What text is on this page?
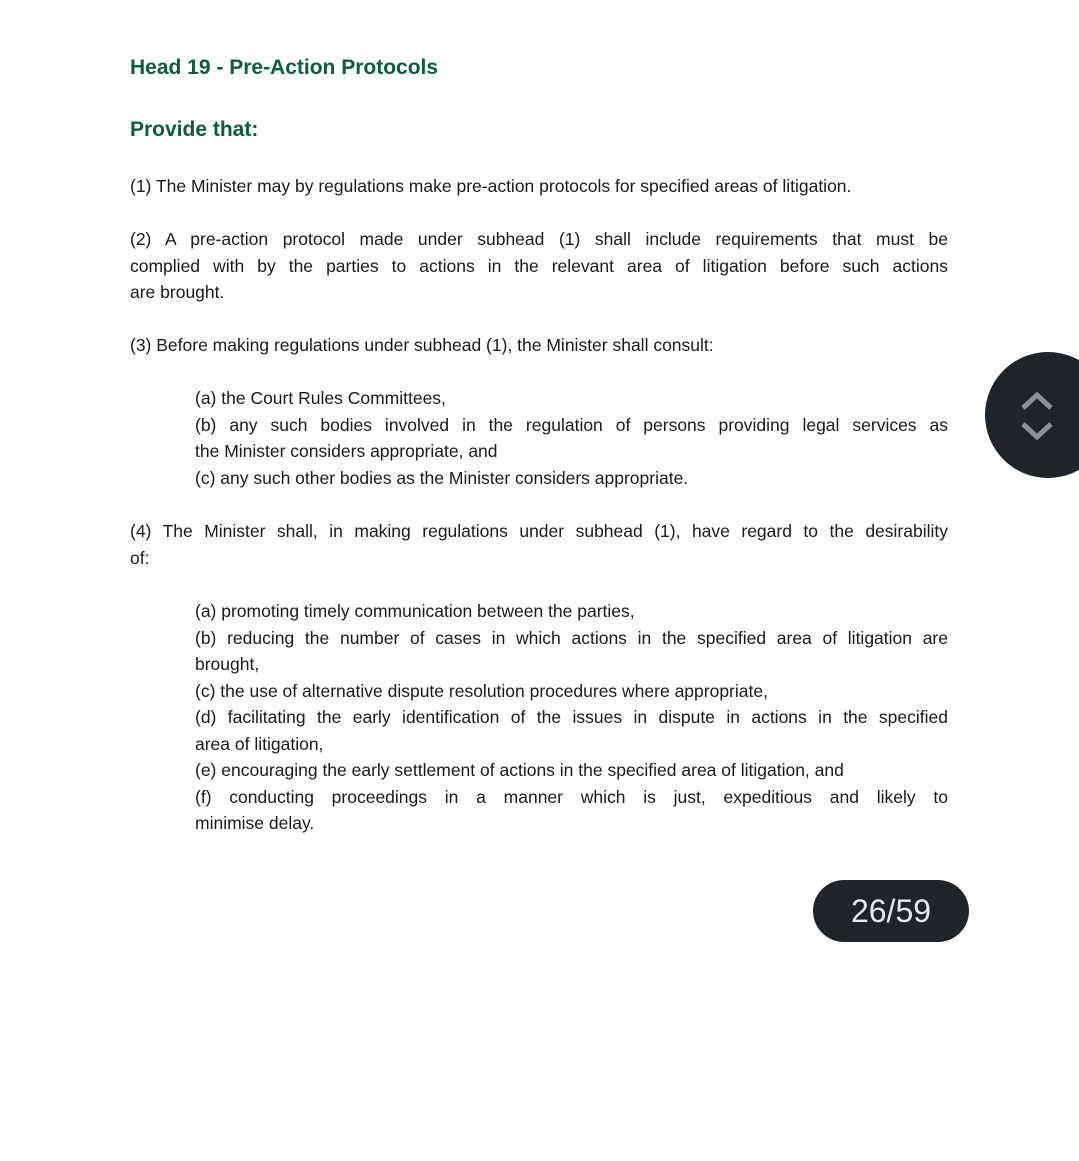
Head 19 - Pre-Action Protocols
Provide that:
(1) The Minister may by regulations make pre-action protocols for specified areas of litigation.
(2) A pre-action protocol made under subhead (1) shall include requirements that must be
complied with by the parties to actions in the relevant area of litigation before such actions
are brought.
(3) Before making regulations under subhead (1), the Minister shall consult:
(a) the Court Rules Committees,
(b) any such bodies involved in the regulation of persons providing legal services as
the Minister considers appropriate, and
(c) any such other bodies as the Minister considers appropriate.
(4) The Minister shall, in making regulations under subhead (1), have regard to the desirability
of:
(a) promoting timely communication between the parties,
(b) reducing the number of cases in which actions in the specified area of litigation are
brought,
(c) the use of alternative dispute resolution procedures where appropriate,
(d) facilitating the early identification of the issues in dispute in actions in the specified
area of litigation,
(e) encouraging the early settlement of actions in the specified area of litigation, and
(f) conducting proceedings in a manner which is just, expeditious and likely to
minimise delay.
26/59
